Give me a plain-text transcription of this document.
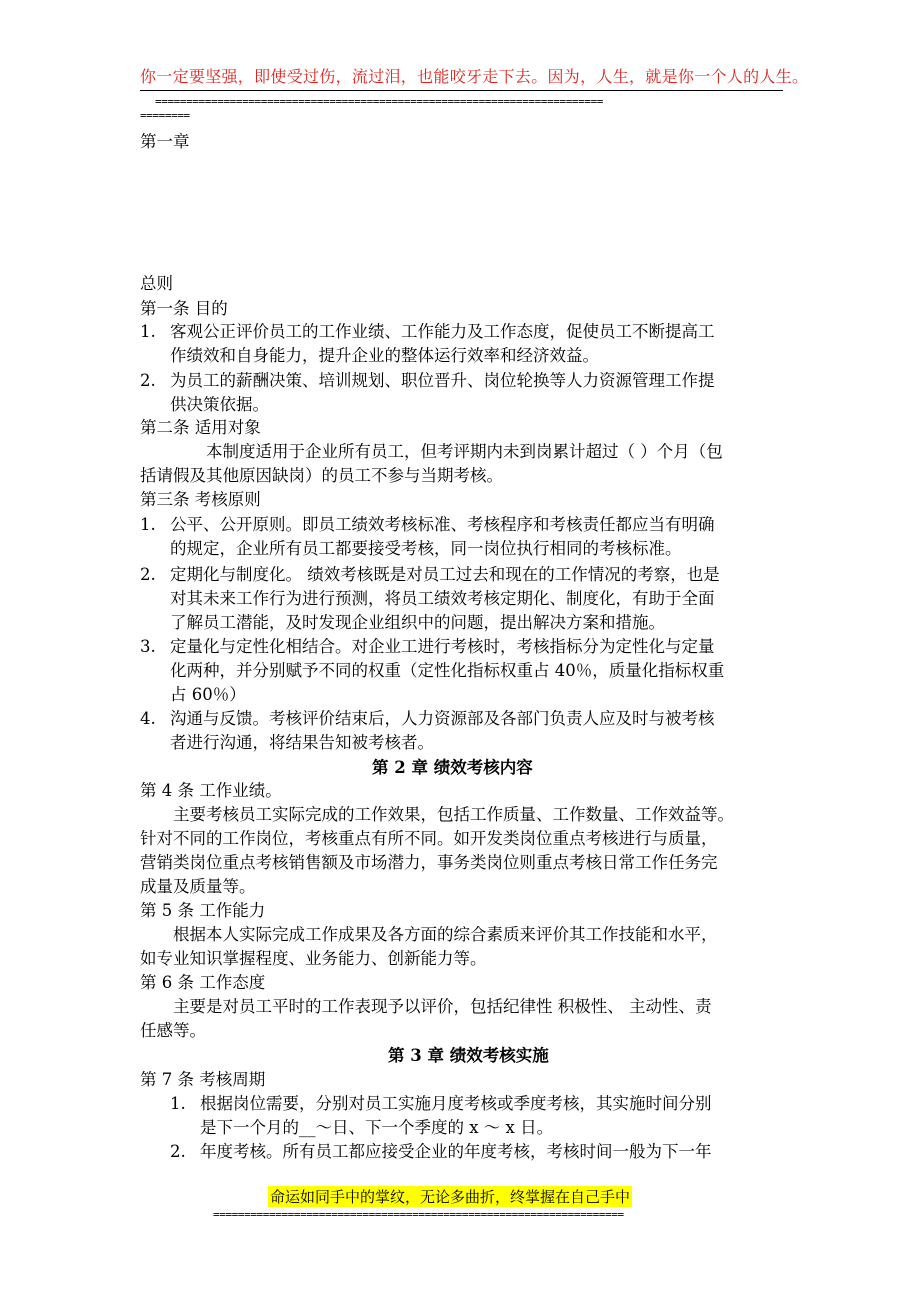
你一定要坚强，即使受过伤，流过泪，也能咬牙走下去。因为，人生，就是你一个人的人生。
========================================================================
========
第一章
总则
第一条 目的
1. 客观公正评价员工的工作业绩、工作能力及工作态度，促使员工不断提高工
作绩效和自身能力，提升企业的整体运行效率和经济效益。
2. 为员工的薪酬决策、培训规划、职位晋升、岗位轮换等人力资源管理工作提
供决策依据。
第二条 适用对象
本制度适用于企业所有员工，但考评期内未到岗累计超过（ ）个月（包
括请假及其他原因缺岗）的员工不参与当期考核。
第三条 考核原则
1. 公平、公开原则。即员工绩效考核标准、考核程序和考核责任都应当有明确
的规定，企业所有员工都要接受考核，同一岗位执行相同的考核标准。
2. 定期化与制度化。 绩效考核既是对员工过去和现在的工作情况的考察，也是
对其未来工作行为进行预测，将员工绩效考核定期化、制度化，有助于全面
了解员工潜能，及时发现企业组织中的问题，提出解决方案和措施。
3. 定量化与定性化相结合。对企业工进行考核时，考核指标分为定性化与定量
化两种，并分别赋予不同的权重（定性化指标权重占 40％，质量化指标权重
占 60％）
4. 沟通与反馈。考核评价结束后，人力资源部及各部门负责人应及时与被考核
者进行沟通，将结果告知被考核者。
第 2 章 绩效考核内容
第 4 条 工作业绩。
主要考核员工实际完成的工作效果，包括工作质量、工作数量、工作效益等。
针对不同的工作岗位，考核重点有所不同。如开发类岗位重点考核进行与质量，
营销类岗位重点考核销售额及市场潜力，事务类岗位则重点考核日常工作任务完
成量及质量等。
第 5 条 工作能力
根据本人实际完成工作成果及各方面的综合素质来评价其工作技能和水平，
如专业知识掌握程度、业务能力、创新能力等。
第 6 条 工作态度
主要是对员工平时的工作表现予以评价，包括纪律性 积极性、 主动性、责
任感等。
第 3 章 绩效考核实施
第 7 条 考核周期
1. 根据岗位需要，分别对员工实施月度考核或季度考核，其实施时间分别
是下一个月的__～日、下一个季度的 x ～ x 日。
2. 年度考核。所有员工都应接受企业的年度考核，考核时间一般为下一年
命运如同手中的掌纹，无论多曲折，终掌握在自己手中
==================================================================
